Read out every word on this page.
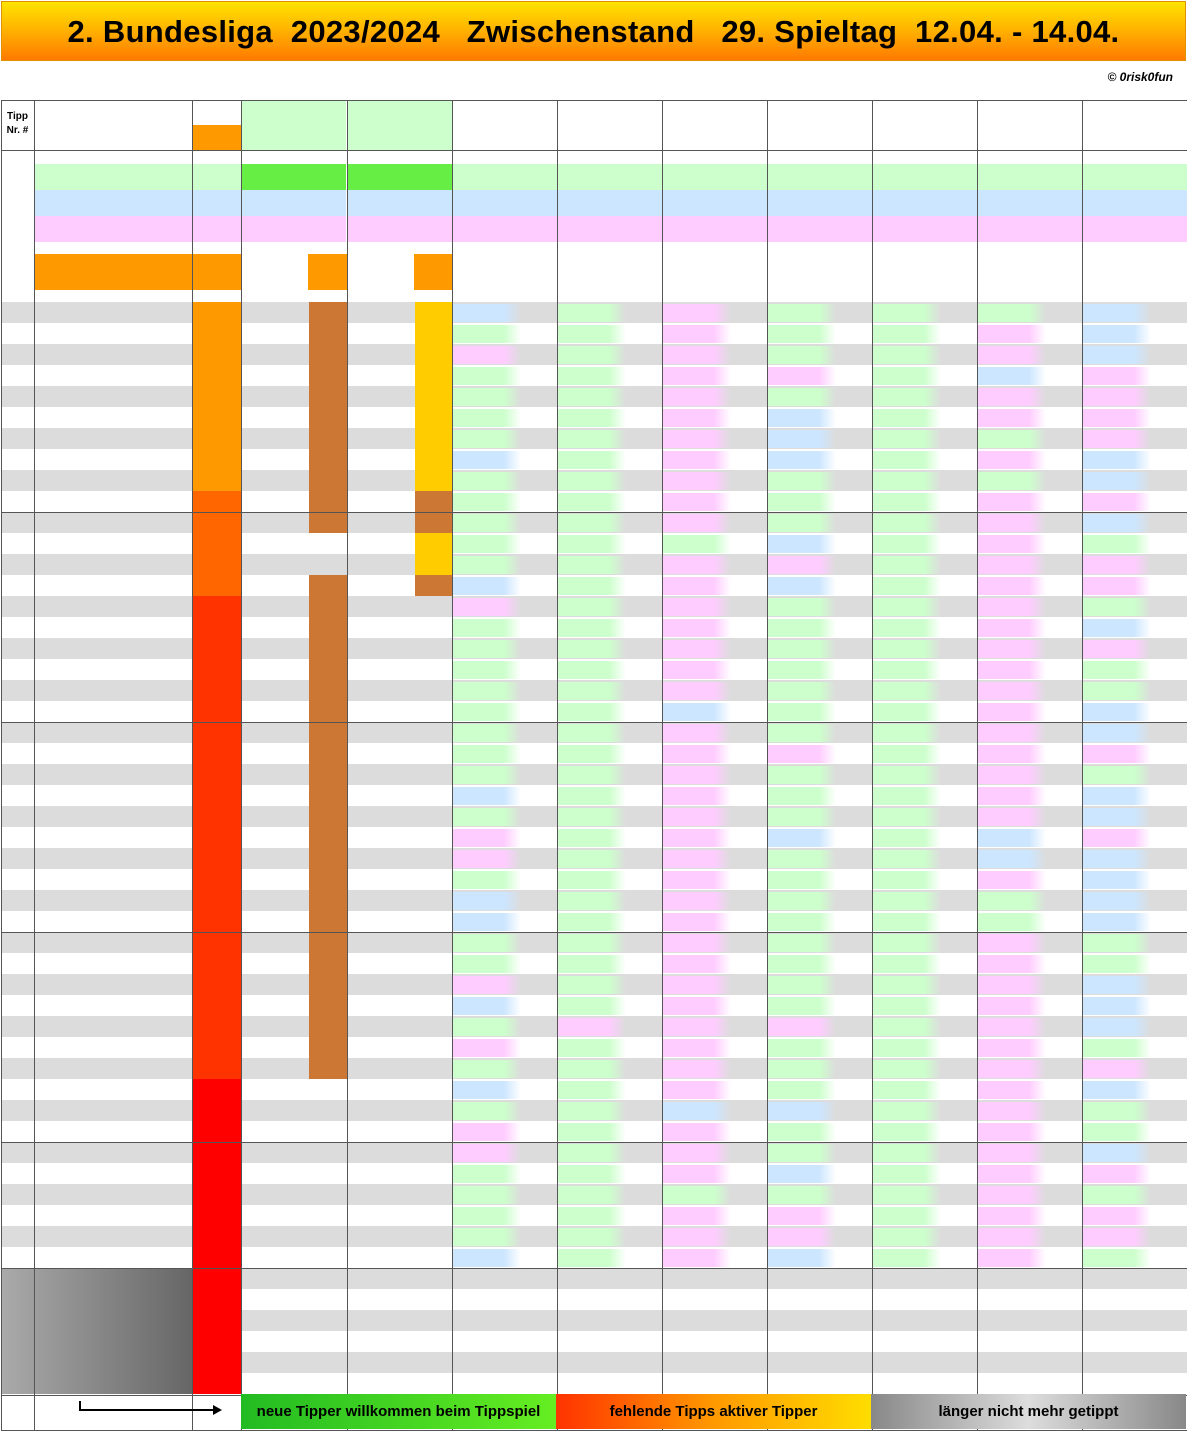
2. Bundesliga  2023/2024   Zwischenstand   29. Spieltag  12.04. - 14.04.
© 0risk0fun
Tipp
Nr. #
neue Tipper willkommen beim Tippspiel	fehlende Tipps aktiver Tipper	länger nicht mehr getippt
